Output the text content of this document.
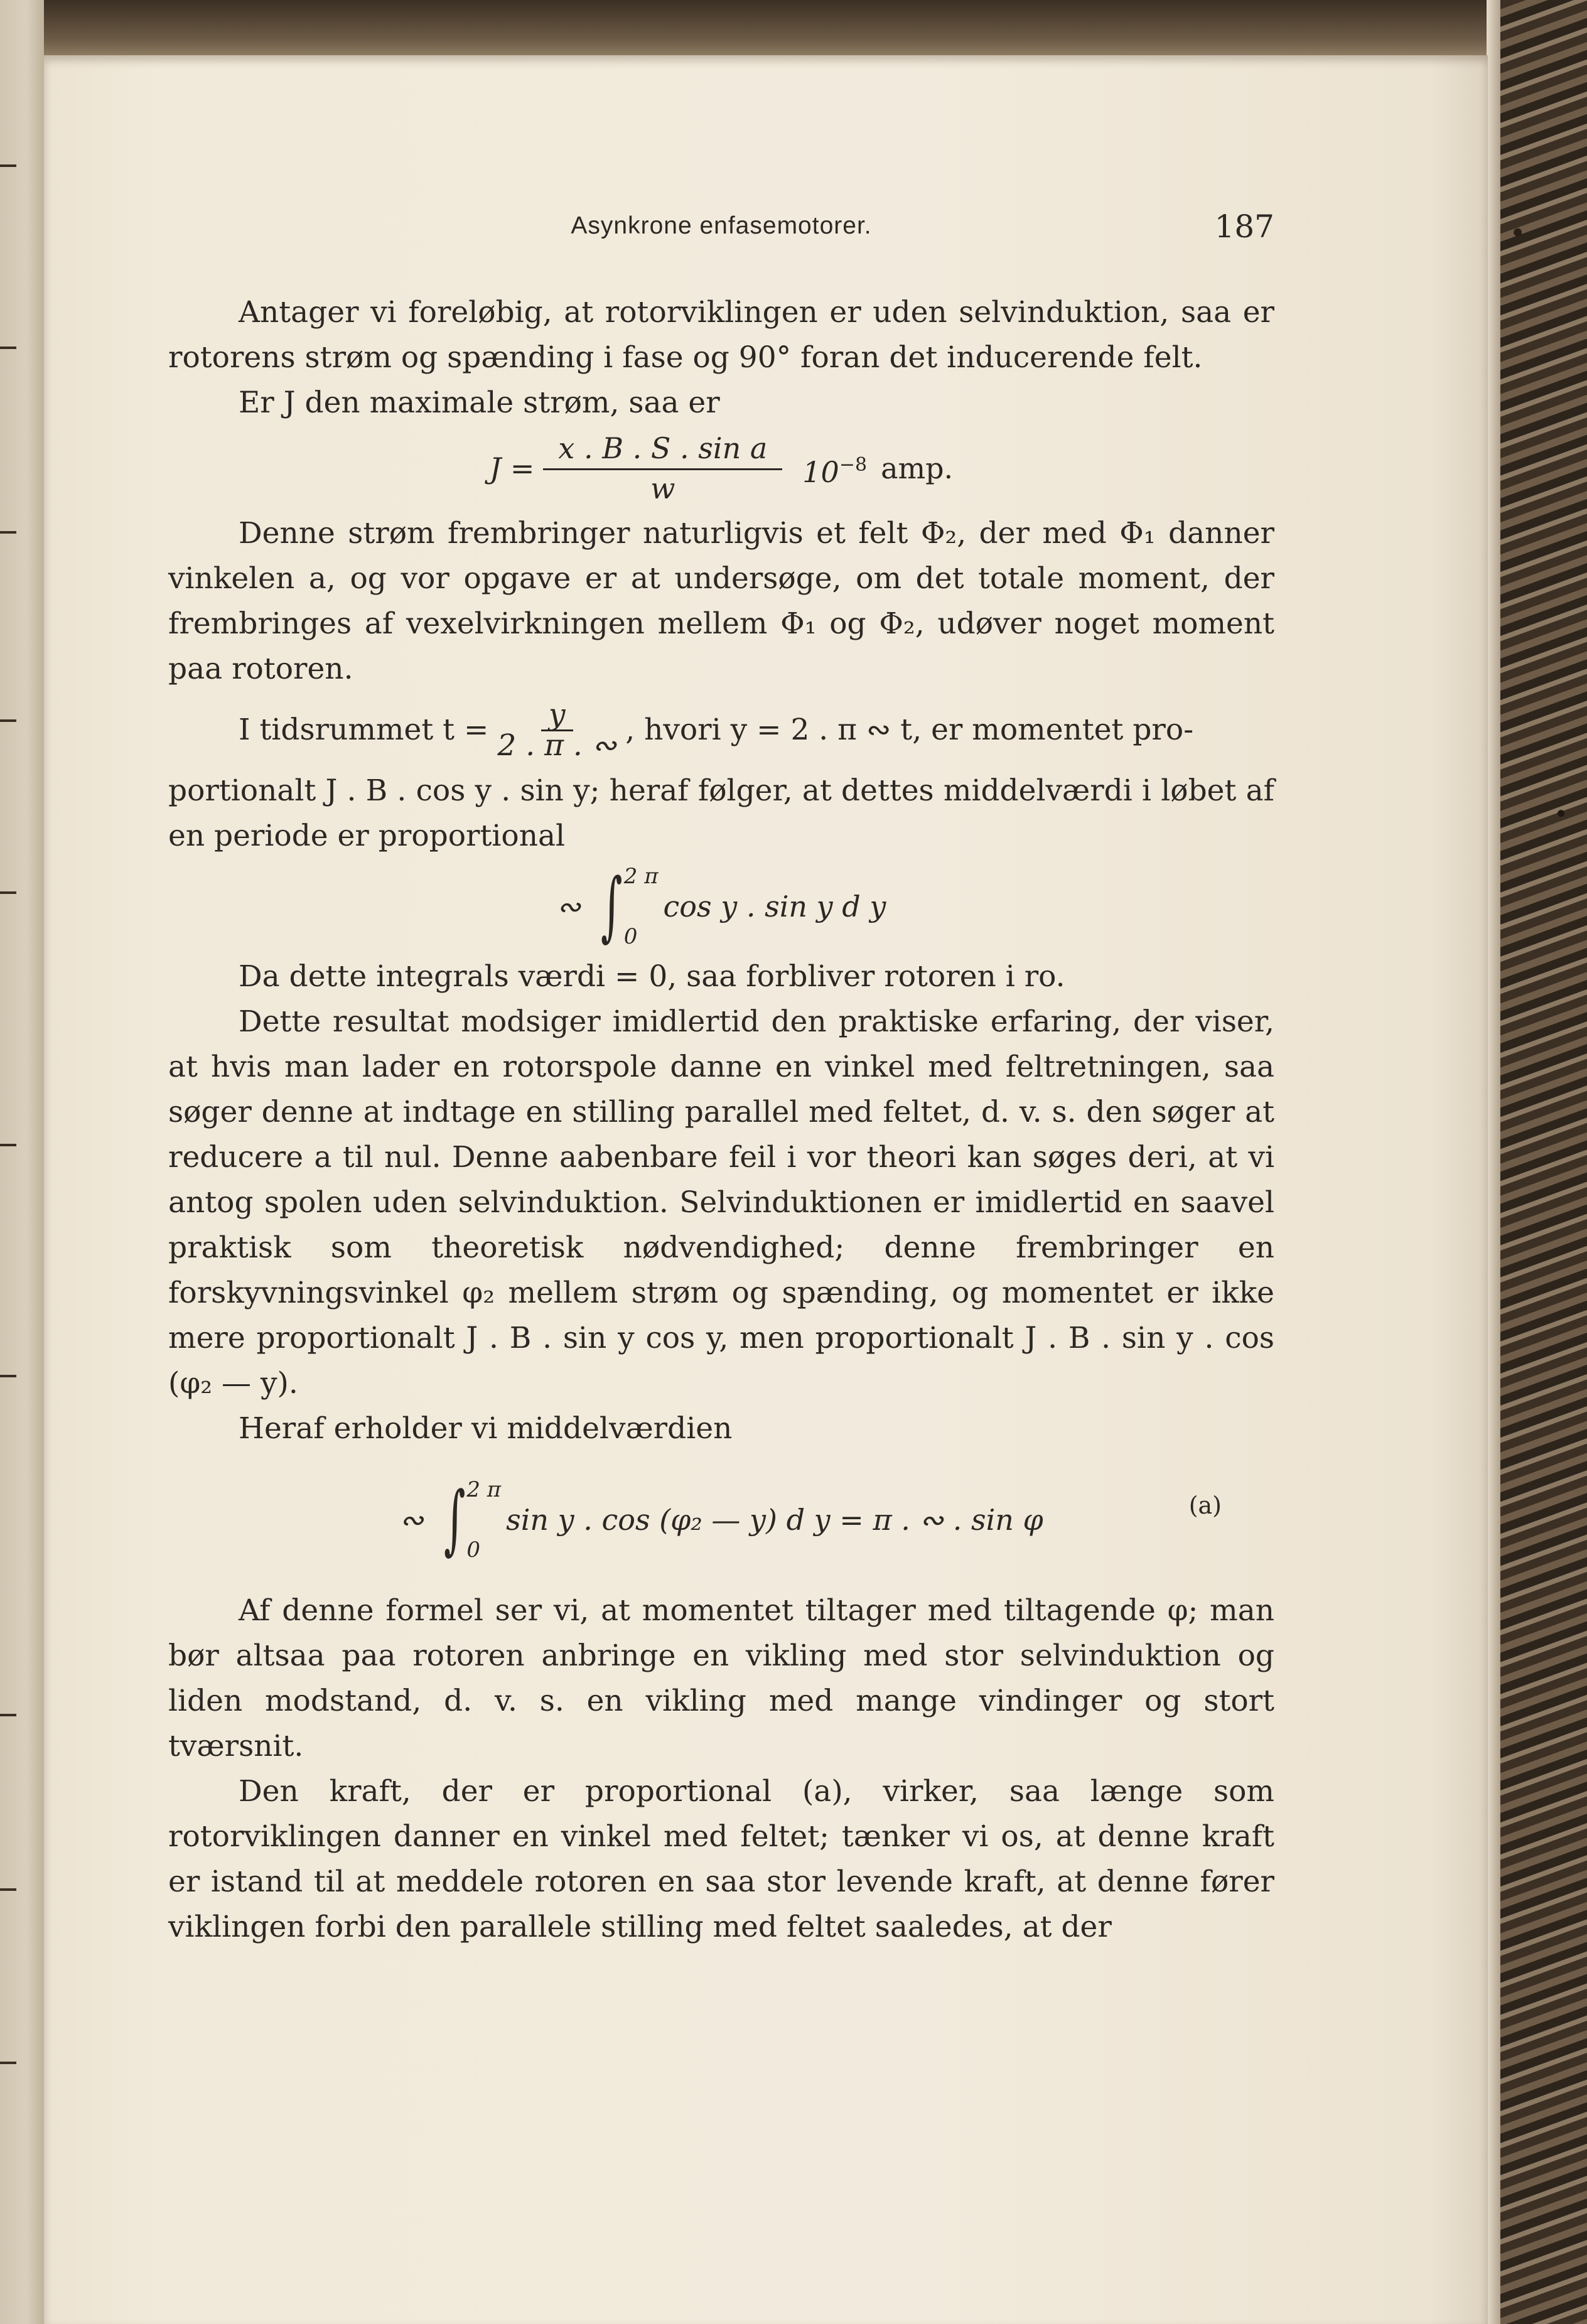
Asynkrone enfasemotorer.	187

Antager vi foreløbig, at rotorviklingen er uden selvinduktion, saa er rotorens strøm og spænding i fase og 90° foran det inducerende felt.

Er J den maximale strøm, saa er

$J = \frac{\text{x . B . S . sin a}}{w} 10^{-8}$ amp.

Denne strøm frembringer naturligvis et felt Φ₂, der med Φ₁ danner vinkelen a, og vor opgave er at undersøge, om det totale moment, der frembringes af vexelvirkningen mellem Φ₁ og Φ₂, udøver noget moment paa rotoren.

I tidsrummet $t = \frac{y}{2 . \pi . ∾}$ , hvori y = 2 . π ∾ t, er momentet pro-

portionalt J . B . cos y . sin y; heraf følger, at dettes middelværdi i løbet af en periode er proportional

∾ ∫ 2 π
0
cos y . sin y d y

Da dette integrals værdi = 0, saa forbliver rotoren i ro.

Dette resultat modsiger imidlertid den praktiske erfaring, der viser, at hvis man lader en rotorspole danne en vinkel med feltretningen, saa søger denne at indtage en stilling parallel med feltet, d. v. s. den søger at reducere a til nul. Denne aabenbare feil i vor theori kan søges deri, at vi antog spolen uden selvinduktion. Selvinduktionen er imidlertid en saavel praktisk som theoretisk nødvendighed; denne frembringer en forskyvningsvinkel φ₂ mellem strøm og spænding, og momentet er ikke mere proportionalt J . B . sin y cos y, men proportionalt J . B . sin y . cos (φ₂ — y).

Heraf erholder vi middelværdien

∾ ∫ 2 π
0
sin y . cos (φ₂ — y) d y = π . ∾ . sin φ	(a)

Af denne formel ser vi, at momentet tiltager med tiltagende φ; man bør altsaa paa rotoren anbringe en vikling med stor selvinduktion og liden modstand, d. v. s. en vikling med mange vindinger og stort tværsnit.

Den kraft, der er proportional (a), virker, saa længe som rotorviklingen danner en vinkel med feltet; tænker vi os, at denne kraft er istand til at meddele rotoren en saa stor levende kraft, at denne fører viklingen forbi den parallele stilling med feltet saaledes, at der
